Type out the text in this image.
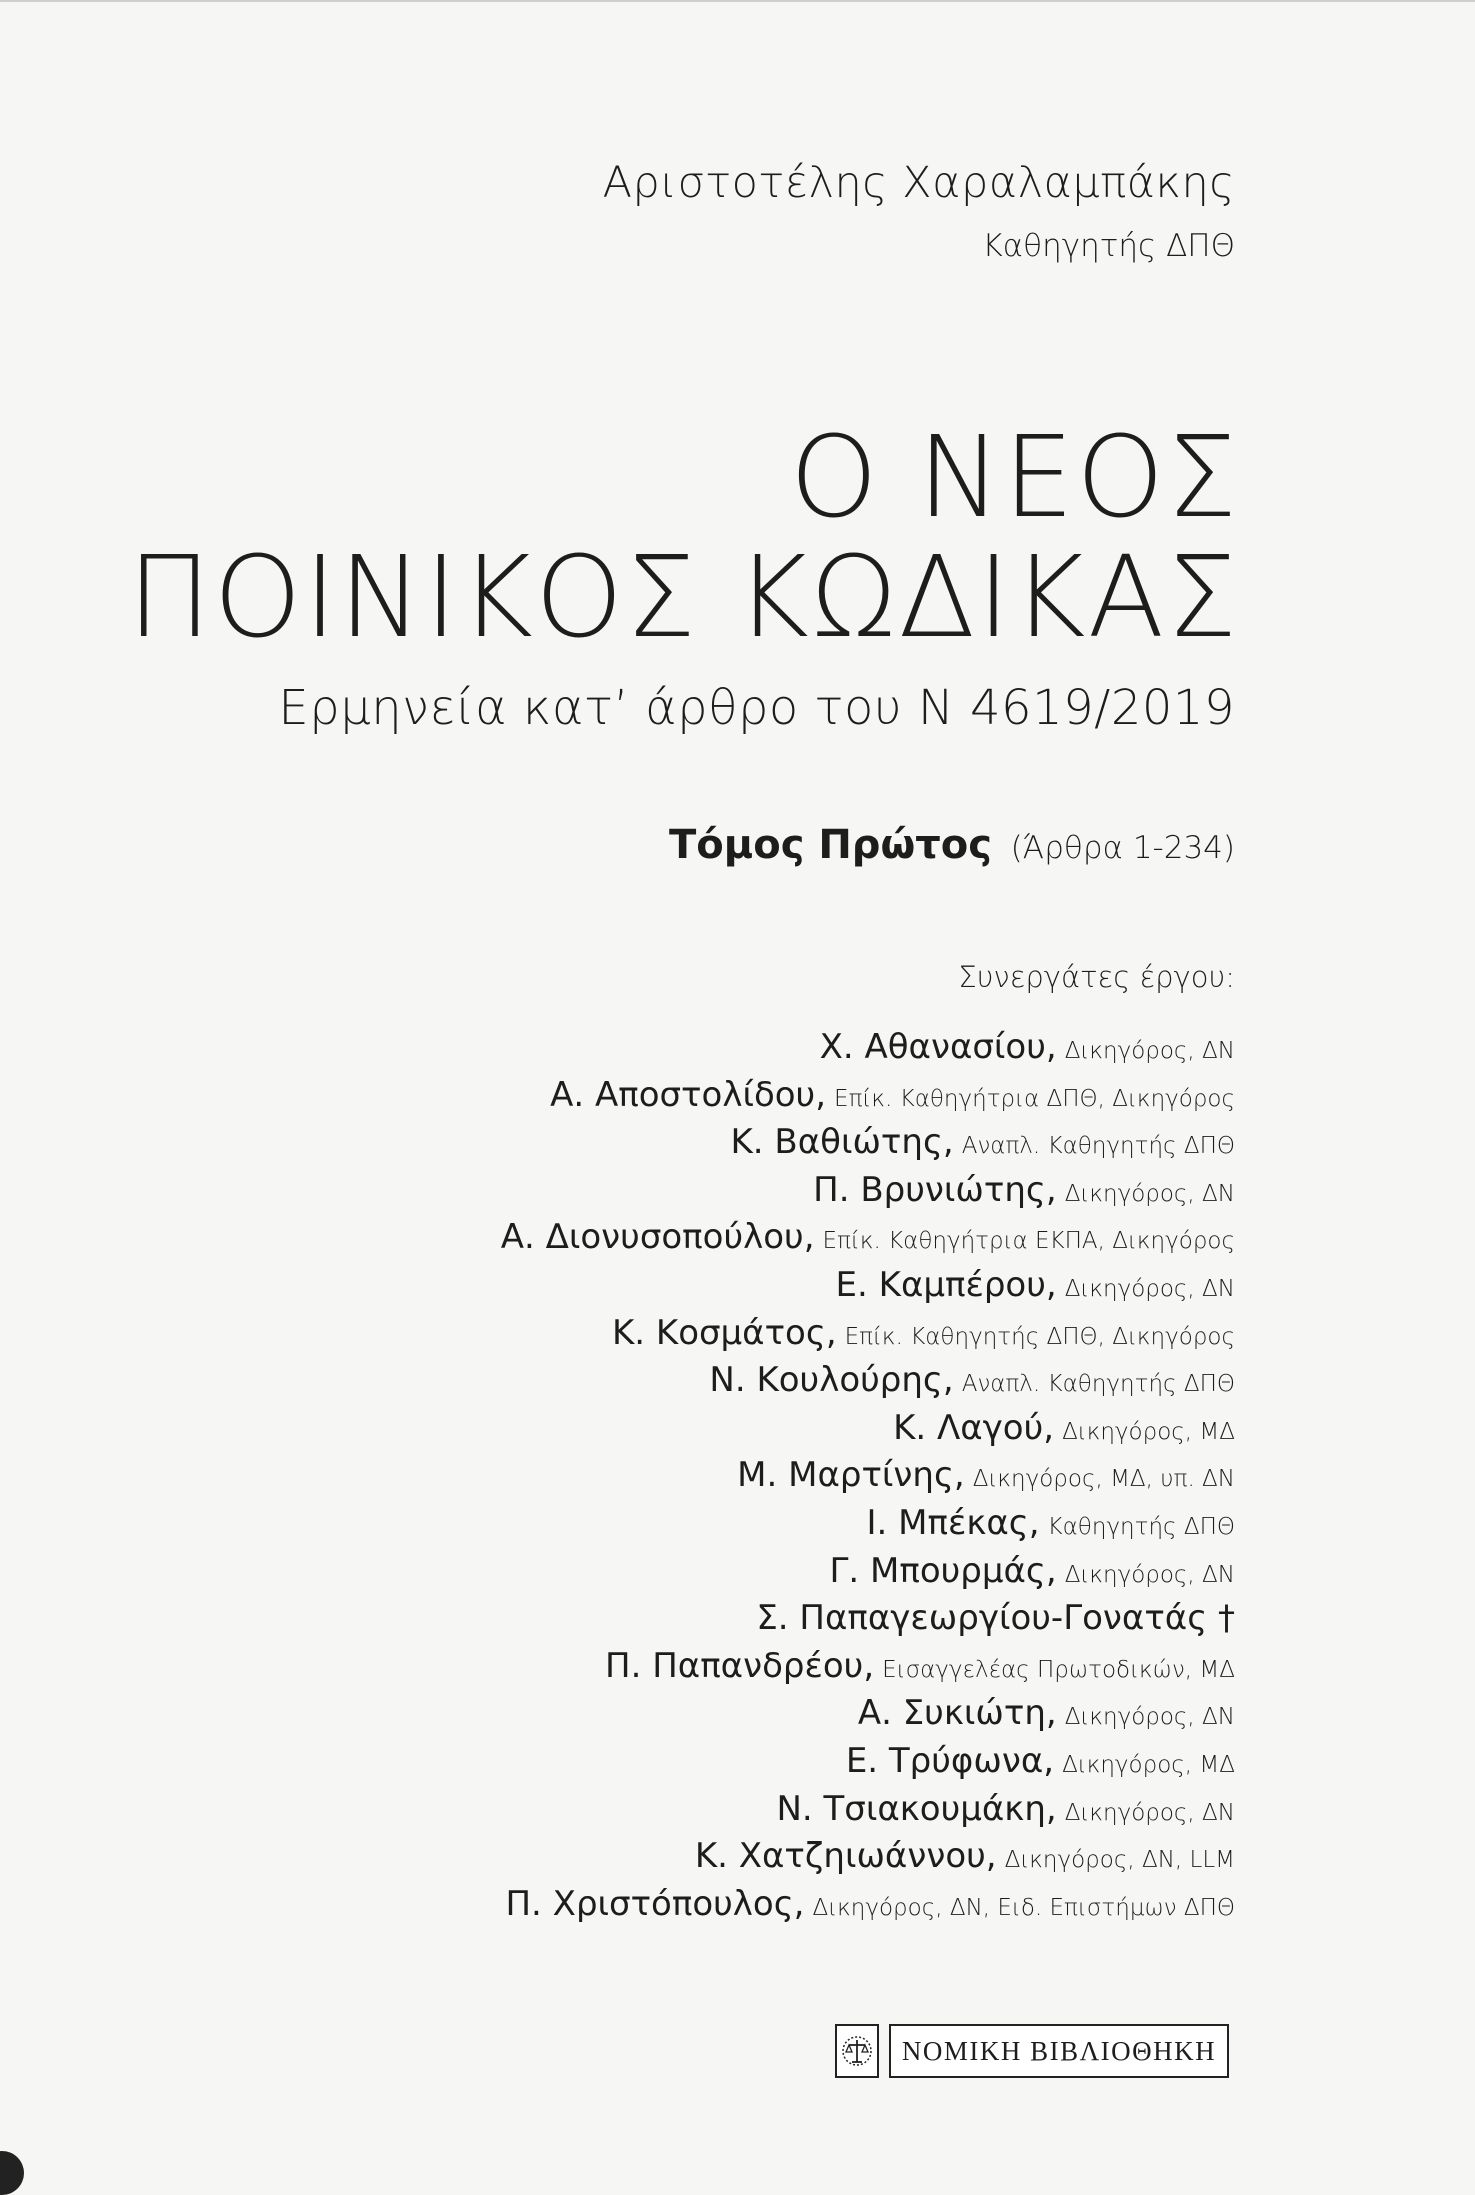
Αριστοτέλης Χαραλαμπάκης
Καθηγητής ΔΠΘ
Ο ΝΕΟΣ
ΠΟΙΝΙΚΟΣ ΚΩΔΙΚΑΣ
Ερμηνεία κατ’ άρθρο του Ν 4619/2019
Τόμος Πρώτος (Άρθρα 1-234)
Συνεργάτες έργου:
Χ. Αθανασίου, Δικηγόρος, ΔΝ
Α. Αποστολίδου, Επίκ. Καθηγήτρια ΔΠΘ, Δικηγόρος
Κ. Βαθιώτης, Αναπλ. Καθηγητής ΔΠΘ
Π. Βρυνιώτης, Δικηγόρος, ΔΝ
Α. Διονυσοπούλου, Επίκ. Καθηγήτρια ΕΚΠΑ, Δικηγόρος
Ε. Καμπέρου, Δικηγόρος, ΔΝ
Κ. Κοσμάτος, Επίκ. Καθηγητής ΔΠΘ, Δικηγόρος
Ν. Κουλούρης, Αναπλ. Καθηγητής ΔΠΘ
Κ. Λαγού, Δικηγόρος, ΜΔ
Μ. Μαρτίνης, Δικηγόρος, ΜΔ, υπ. ΔΝ
Ι. Μπέκας, Καθηγητής ΔΠΘ
Γ. Μπουρμάς, Δικηγόρος, ΔΝ
Σ. Παπαγεωργίου-Γονατάς †
Π. Παπανδρέου, Εισαγγελέας Πρωτοδικών, ΜΔ
Α. Συκιώτη, Δικηγόρος, ΔΝ
Ε. Τρύφωνα, Δικηγόρος, ΜΔ
Ν. Τσιακουμάκη, Δικηγόρος, ΔΝ
Κ. Χατζηιωάννου, Δικηγόρος, ΔΝ, LLM
Π. Χριστόπουλος, Δικηγόρος, ΔΝ, Ειδ. Επιστήμων ΔΠΘ
ΝΟΜΙΚΗ ΒΙΒΛΙΟΘΗΚΗ
